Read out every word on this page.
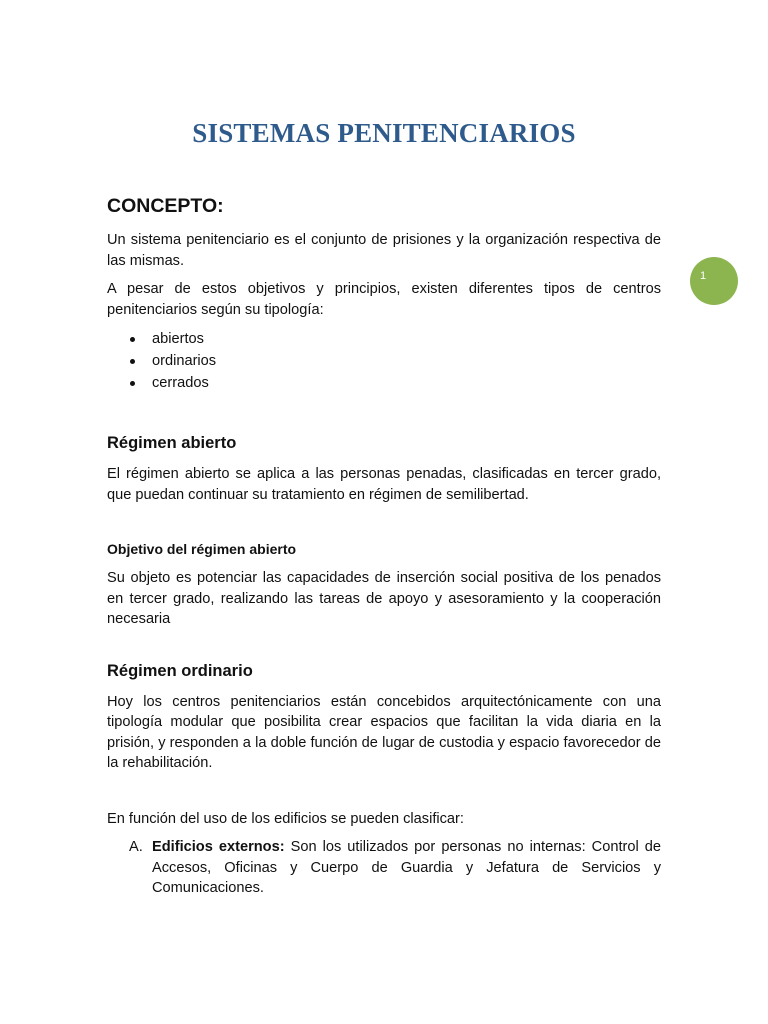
SISTEMAS PENITENCIARIOS
1
CONCEPTO:

Un sistema penitenciario es el conjunto de prisiones y la organización respectiva de las mismas.

A pesar de estos objetivos y principios, existen diferentes tipos de centros penitenciarios según su tipología:

abiertos
ordinarios
cerrados
Régimen abierto

El régimen abierto se aplica a las personas penadas, clasificadas en tercer grado, que puedan continuar su tratamiento en régimen de semilibertad.

Objetivo del régimen abierto

Su objeto es potenciar las capacidades de inserción social positiva de los penados en tercer grado, realizando las tareas de apoyo y asesoramiento y la cooperación necesaria

Régimen ordinario

Hoy los centros penitenciarios están concebidos arquitectónicamente con una tipología modular que posibilita crear espacios que facilitan la vida diaria en la prisión, y responden a la doble función de lugar de custodia y espacio favorecedor de la rehabilitación.

En función del uso de los edificios se pueden clasificar:

A. Edificios externos: Son los utilizados por personas no internas: Control de Accesos, Oficinas y Cuerpo de Guardia y Jefatura de Servicios y Comunicaciones.
